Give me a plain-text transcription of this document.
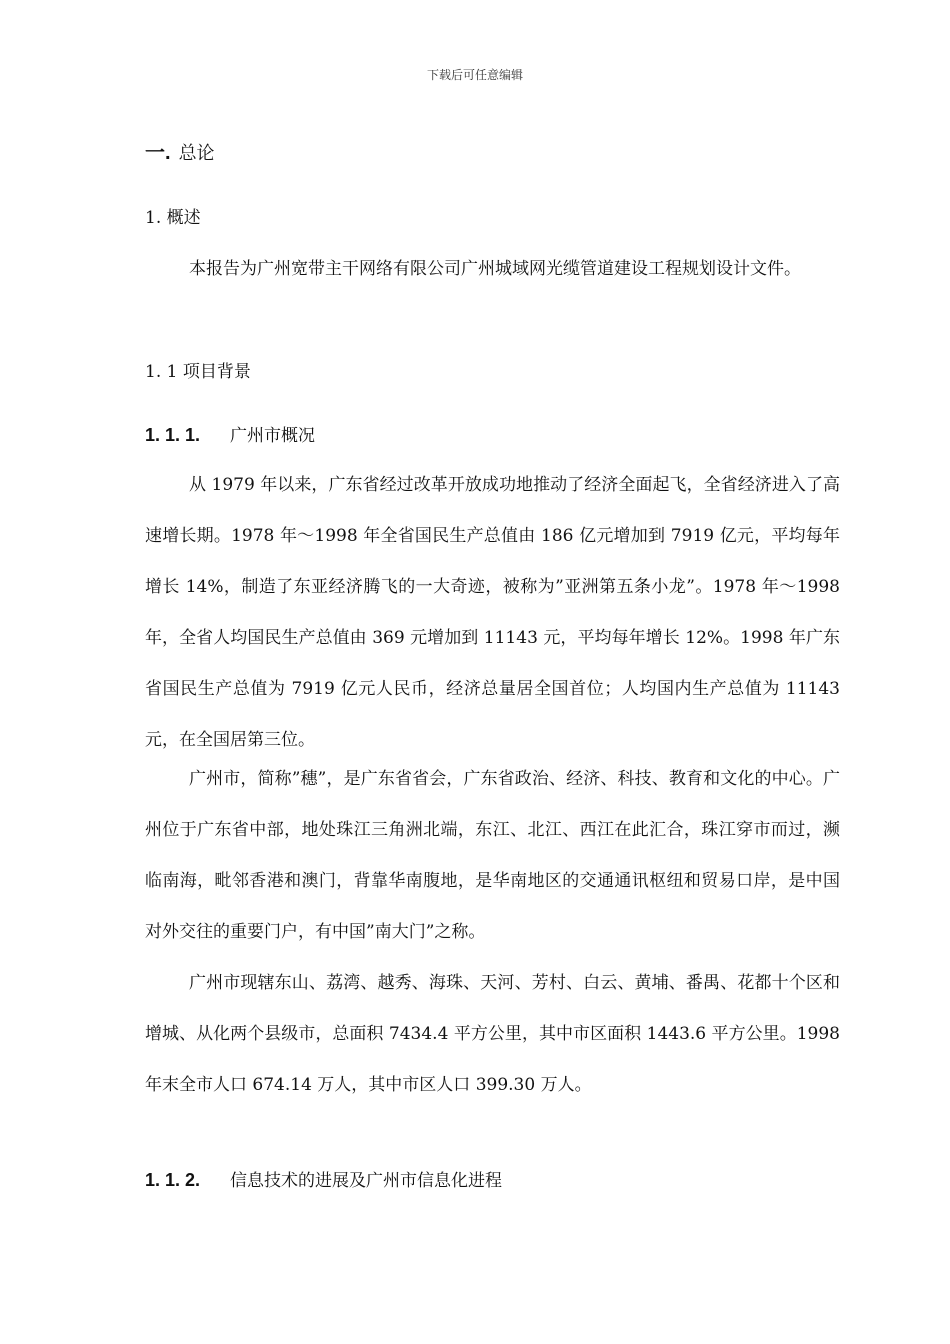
下载后可任意编辑
一. 总论
1. 概述

本报告为广州宽带主干网络有限公司广州城域网光缆管道建设工程规划设计文件。

1. 1 项目背景
1. 1. 1. 广州市概况

从 1979 年以来，广东省经过改革开放成功地推动了经济全面起飞，全省经济进入了高速增长期。1978 年～1998 年全省国民生产总值由 186 亿元增加到 7919 亿元，平均每年增长 14%，制造了东亚经济腾飞的一大奇迹，被称为”亚洲第五条小龙”。1978 年～1998 年，全省人均国民生产总值由 369 元增加到 11143 元，平均每年增长 12%。1998 年广东省国民生产总值为 7919 亿元人民币，经济总量居全国首位；人均国内生产总值为 11143 元，在全国居第三位。

广州市，简称”穗”，是广东省省会，广东省政治、经济、科技、教育和文化的中心。广州位于广东省中部，地处珠江三角洲北端，东江、北江、西江在此汇合，珠江穿市而过，濒临南海，毗邻香港和澳门，背靠华南腹地，是华南地区的交通通讯枢纽和贸易口岸，是中国对外交往的重要门户，有中国”南大门”之称。

广州市现辖东山、荔湾、越秀、海珠、天河、芳村、白云、黄埔、番禺、花都十个区和增城、从化两个县级市，总面积 7434.4 平方公里，其中市区面积 1443.6 平方公里。1998 年末全市人口 674.14 万人，其中市区人口 399.30 万人。

1. 1. 2. 信息技术的进展及广州市信息化进程
